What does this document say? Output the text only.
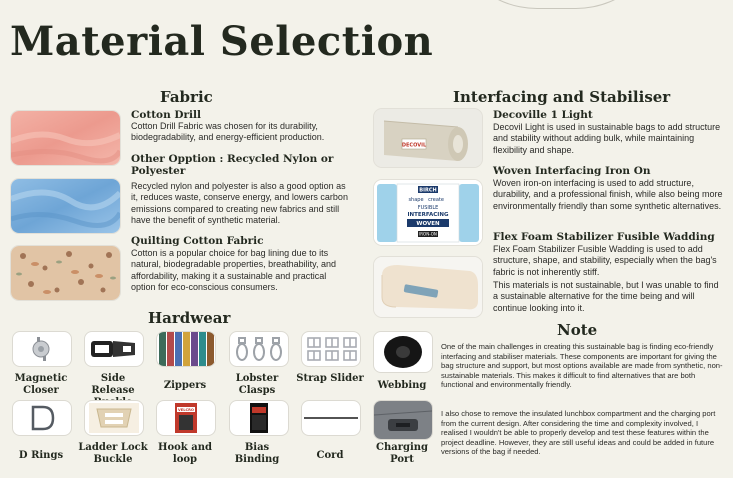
Material Selection
Fabric
Cotton Drill
Cotton Drill Fabric was chosen for its durability, biodegradability, and energy-efficient production.
Other Opption : Recycled Nylon or Polyester
Recycled nylon and polyester is also a good option as it, reduces waste, conserve energy, and lowers carbon emissions compared to creating new fabrics and still have the benefit of synthetic material.
Quilting Cotton Fabric
Cotton is a popular choice for bag lining due to its natural, biodegradable properties, breathability, and affordability, making it a sustainable and practical option for eco-conscious consumers.
Interfacing and Stabiliser
DECOVIL
Decoville 1 Light
Decovil Light is used in sustainable bags to add structure and stability without adding bulk, while maintaining flexibility and shape.
BIRCH
shape create
FUSIBLE
INTERFACING
WOVEN
IRON-ON
Woven Interfacing Iron On
Woven iron-on interfacing is used to add structure, durability, and a professional finish, while also being more environmentally friendly than some synthetic alternatives.
Flex Foam Stabilizer Fusible Wadding
Flex Foam Stabilizer Fusible Wadding is used to add structure, shape, and stability, especially when the bag's fabric is not inherently stiff.
This materials is not sustainable, but I was unable to find a sustainable alternative for the time being and will continue looking into it.
Hardwear
Magnetic Closer
Side Release	Zippers
Lobster Clasps
Strap Slider
Webbing
D Rings
Ladder Lock Buckle
VELCRO
Hook and loop
Bias Binding	Cord
Charging Port
Note
One of the main challenges in creating this sustainable bag is finding eco-friendly interfacing and stabiliser materials. These components are important for giving the bag structure and support, but most options available are made from synthetic, non-sustainable materials. This makes it difficult to find alternatives that are both functional and environmentally friendly.
I also chose to remove the insulated lunchbox compartment and the charging port from the current design. After considering the time and complexity involved, I realised I wouldn't be able to properly develop and test these features within the project deadline. However, they are still useful ideas and could be added in future versions of the bag if needed.
